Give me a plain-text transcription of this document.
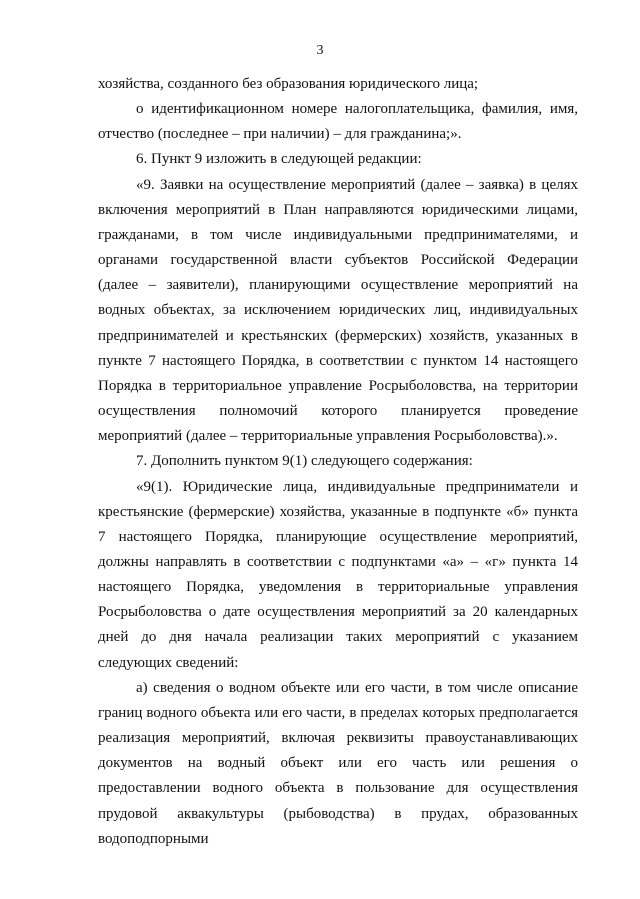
3

хозяйства, созданного без образования юридического лица;

о идентификационном номере налогоплательщика, фамилия, имя, отчество (последнее – при наличии) – для гражданина;».

6. Пункт 9 изложить в следующей редакции:

«9. Заявки на осуществление мероприятий (далее – заявка) в целях включения мероприятий в План направляются юридическими лицами, гражданами, в том числе индивидуальными предпринимателями, и органами государственной власти субъектов Российской Федерации (далее – заявители), планирующими осуществление мероприятий на водных объектах, за исключением юридических лиц, индивидуальных предпринимателей и крестьянских (фермерских) хозяйств, указанных в пункте 7 настоящего Порядка, в соответствии с пунктом 14 настоящего Порядка в территориальное управление Росрыболовства, на территории осуществления полномочий которого планируется проведение мероприятий (далее – территориальные управления Росрыболовства).».

7. Дополнить пунктом 9(1) следующего содержания:

«9(1). Юридические лица, индивидуальные предприниматели и крестьянские (фермерские) хозяйства, указанные в подпункте «б» пункта 7 настоящего Порядка, планирующие осуществление мероприятий, должны направлять в соответствии с подпунктами «а» – «г» пункта 14 настоящего Порядка, уведомления в территориальные управления Росрыболовства о дате осуществления мероприятий за 20 календарных дней до дня начала реализации таких мероприятий с указанием следующих сведений:

а) сведения о водном объекте или его части, в том числе описание границ водного объекта или его части, в пределах которых предполагается реализация мероприятий, включая реквизиты правоустанавливающих документов на водный объект или его часть или решения о предоставлении водного объекта в пользование для осуществления прудовой аквакультуры (рыбоводства) в прудах, образованных водоподпорными
